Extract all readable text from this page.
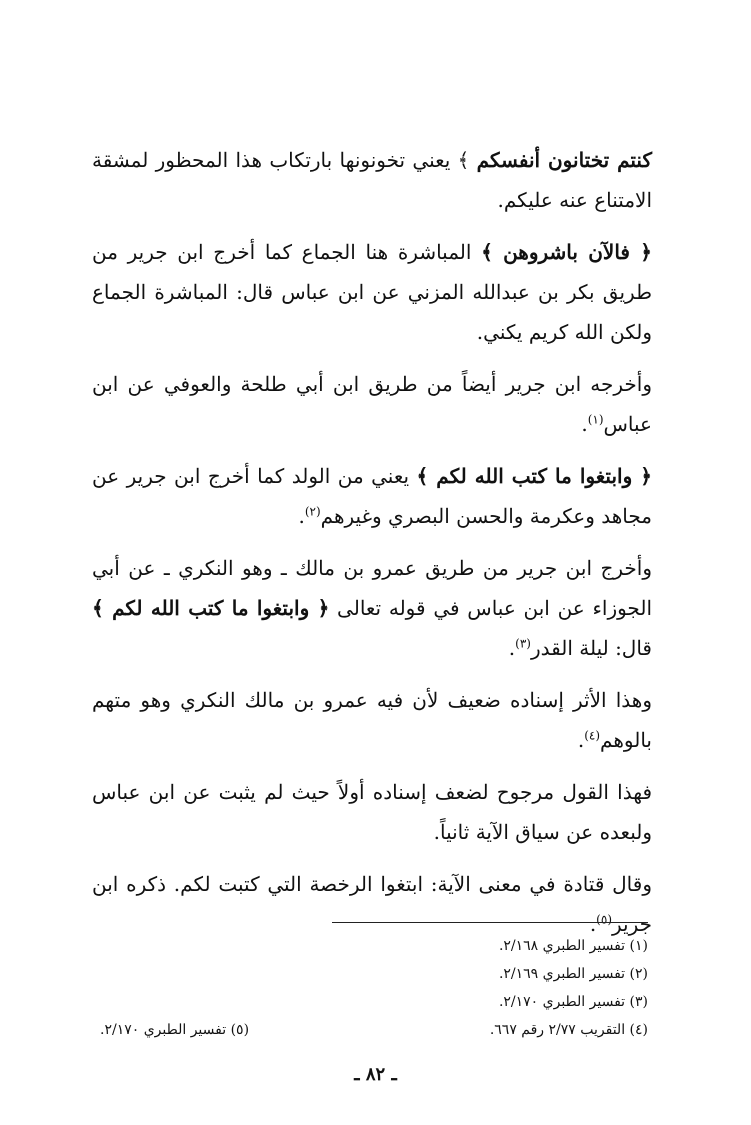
كنتم تختانون أنفسكم ﴾ يعني تخونونها بارتكاب هذا المحظور لمشقة الامتناع عنه عليكم.

﴿ فالآن باشروهن ﴾ المباشرة هنا الجماع كما أخرج ابن جرير من طريق بكر بن عبدالله المزني عن ابن عباس قال: المباشرة الجماع ولكن الله كريم يكني.

وأخرجه ابن جرير أيضاً من طريق ابن أبي طلحة والعوفي عن ابن عباس$^{(١)}$.

﴿ وابتغوا ما كتب الله لكم ﴾ يعني من الولد كما أخرج ابن جرير عن مجاهد وعكرمة والحسن البصري وغيرهم$^{(٢)}$.

وأخرج ابن جرير من طريق عمرو بن مالك ـ وهو النكري ـ عن أبي الجوزاء عن ابن عباس في قوله تعالى ﴿ وابتغوا ما كتب الله لكم ﴾ قال: ليلة القدر$^{(٣)}$.

وهذا الأثر إسناده ضعيف لأن فيه عمرو بن مالك النكري وهو متهم بالوهم$^{(٤)}$.

فهذا القول مرجوح لضعف إسناده أولاً حيث لم يثبت عن ابن عباس ولبعده عن سياق الآية ثانياً.

وقال قتادة في معنى الآية: ابتغوا الرخصة التي كتبت لكم. ذكره ابن جرير$^{(٥)}$.

(١) تفسير الطبري ٢/١٦٨.
(٢) تفسير الطبري ٢/١٦٩.
(٣) تفسير الطبري ٢/١٧٠.
(٤) التقريب ٢/٧٧ رقم ٦٦٧.
(٥) تفسير الطبري ٢/١٧٠.
ـ ٨٢ ـ
